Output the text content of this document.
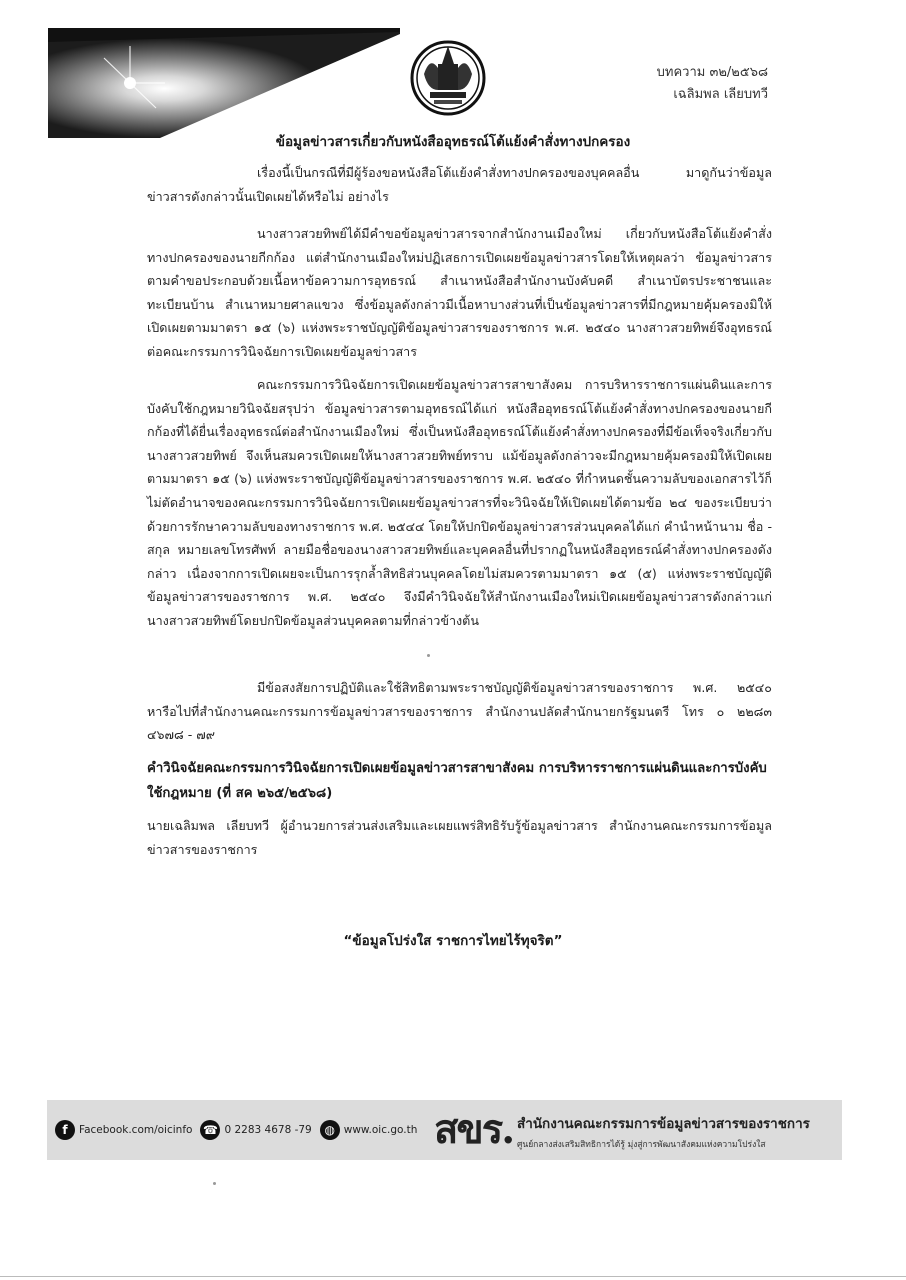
บทความ ๓๒/๒๕๖๘
เฉลิมพล เลียบทวี
ข้อมูลข่าวสารเกี่ยวกับหนังสืออุทธรณ์โต้แย้งคำสั่งทางปกครอง
เรื่องนี้เป็นกรณีที่มีผู้ร้องขอหนังสือโต้แย้งคำสั่งทางปกครองของบุคคลอื่น มาดูกันว่าข้อมูลข่าวสารดังกล่าวนั้นเปิดเผยได้หรือไม่ อย่างไร
นางสาวสวยทิพย์ได้มีคำขอข้อมูลข่าวสารจากสำนักงานเมืองใหม่ เกี่ยวกับหนังสือโต้แย้งคำสั่งทางปกครองของนายกีกก้อง แต่สำนักงานเมืองใหม่ปฏิเสธการเปิดเผยข้อมูลข่าวสารโดยให้เหตุผลว่า ข้อมูลข่าวสารตามคำขอประกอบด้วยเนื้อหาข้อความการอุทธรณ์ สำเนาหนังสือสำนักงานบังคับคดี สำเนาบัตรประชาชนและทะเบียนบ้าน สำเนาหมายศาลแขวง ซึ่งข้อมูลดังกล่าวมีเนื้อหาบางส่วนที่เป็นข้อมูลข่าวสารที่มีกฎหมายคุ้มครองมิให้เปิดเผยตามมาตรา ๑๕ (๖) แห่งพระราชบัญญัติข้อมูลข่าวสารของราชการ พ.ศ. ๒๕๔๐ นางสาวสวยทิพย์จึงอุทธรณ์ต่อคณะกรรมการวินิจฉัยการเปิดเผยข้อมูลข่าวสาร
คณะกรรมการวินิจฉัยการเปิดเผยข้อมูลข่าวสารสาขาสังคม การบริหารราชการแผ่นดินและการบังคับใช้กฎหมายวินิจฉัยสรุปว่า ข้อมูลข่าวสารตามอุทธรณ์ได้แก่ หนังสืออุทธรณ์โต้แย้งคำสั่งทางปกครองของนายกีกก้องที่ได้ยื่นเรื่องอุทธรณ์ต่อสำนักงานเมืองใหม่ ซึ่งเป็นหนังสืออุทธรณ์โต้แย้งคำสั่งทางปกครองที่มีข้อเท็จจริงเกี่ยวกับนางสาวสวยทิพย์ จึงเห็นสมควรเปิดเผยให้นางสาวสวยทิพย์ทราบ แม้ข้อมูลดังกล่าวจะมีกฎหมายคุ้มครองมิให้เปิดเผยตามมาตรา ๑๕ (๖) แห่งพระราชบัญญัติข้อมูลข่าวสารของราชการ พ.ศ. ๒๕๔๐ ที่กำหนดชั้นความลับของเอกสารไว้ก็ไม่ตัดอำนาจของคณะกรรมการวินิจฉัยการเปิดเผยข้อมูลข่าวสารที่จะวินิจฉัยให้เปิดเผยได้ตามข้อ ๒๔ ของระเบียบว่าด้วยการรักษาความลับของทางราชการ พ.ศ. ๒๕๔๔ โดยให้ปกปิดข้อมูลข่าวสารส่วนบุคคลได้แก่ คำนำหน้านาม ชื่อ - สกุล หมายเลขโทรศัพท์ ลายมือชื่อของนางสาวสวยทิพย์และบุคคลอื่นที่ปรากฏในหนังสืออุทธรณ์คำสั่งทางปกครองดังกล่าว เนื่องจากการเปิดเผยจะเป็นการรุกล้ำสิทธิส่วนบุคคลโดยไม่สมควรตามมาตรา ๑๕ (๕) แห่งพระราชบัญญัติข้อมูลข่าวสารของราชการ พ.ศ. ๒๕๔๐ จึงมีคำวินิจฉัยให้สำนักงานเมืองใหม่เปิดเผยข้อมูลข่าวสารดังกล่าวแก่นางสาวสวยทิพย์โดยปกปิดข้อมูลส่วนบุคคลตามที่กล่าวข้างต้น
มีข้อสงสัยการปฏิบัติและใช้สิทธิตามพระราชบัญญัติข้อมูลข่าวสารของราชการ พ.ศ. ๒๕๔๐ หารือไปที่สำนักงานคณะกรรมการข้อมูลข่าวสารของราชการ สำนักงานปลัดสำนักนายกรัฐมนตรี โทร ๐ ๒๒๘๓ ๔๖๗๘ - ๗๙
คำวินิจฉัยคณะกรรมการวินิจฉัยการเปิดเผยข้อมูลข่าวสารสาขาสังคม การบริหารราชการแผ่นดินและการบังคับใช้กฎหมาย (ที่ สค ๒๖๕/๒๕๖๘)
นายเฉลิมพล เลียบทวี ผู้อำนวยการส่วนส่งเสริมและเผยแพร่สิทธิรับรู้ข้อมูลข่าวสาร สำนักงานคณะกรรมการข้อมูลข่าวสารของราชการ
“ข้อมูลโปร่งใส ราชการไทยไร้ทุจริต”
f	Facebook.com/oicinfo ☎ 0 2283 4678 -79	◍ www.oic.go.th สขร. สำนักงานคณะกรรมการข้อมูลข่าวสารของราชการ
ศูนย์กลางส่งเสริมสิทธิการได้รู้ มุ่งสู่การพัฒนาสังคมแห่งความโปร่งใส
